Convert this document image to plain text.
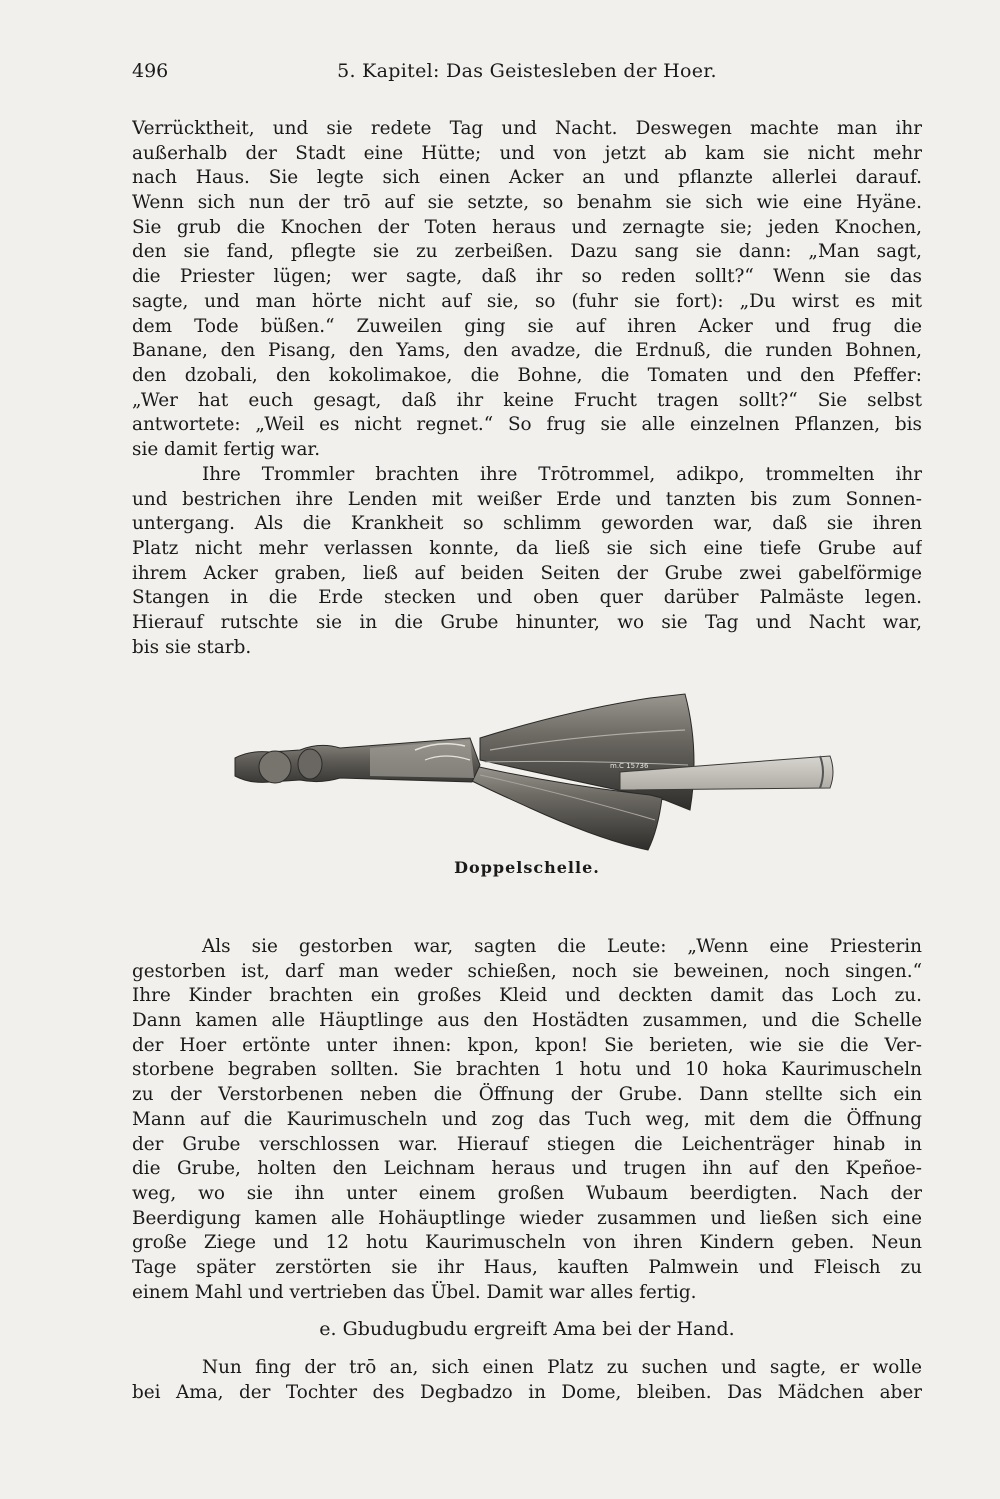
496	5. Kapitel: Das Geistesleben der Hoer.
Verrücktheit, und sie redete Tag und Nacht. Deswegen machte man ihr
außerhalb der Stadt eine Hütte; und von jetzt ab kam sie nicht mehr
nach Haus. Sie legte sich einen Acker an und pflanzte allerlei darauf.
Wenn sich nun der trō auf sie setzte, so benahm sie sich wie eine Hyäne.
Sie grub die Knochen der Toten heraus und zernagte sie; jeden Knochen,
den sie fand, pflegte sie zu zerbeißen. Dazu sang sie dann: „Man sagt,
die Priester lügen; wer sagte, daß ihr so reden sollt?“ Wenn sie das
sagte, und man hörte nicht auf sie, so (fuhr sie fort): „Du wirst es mit
dem Tode büßen.“ Zuweilen ging sie auf ihren Acker und frug die
Banane, den Pisang, den Yams, den avadze, die Erdnuß, die runden Bohnen,
den dzobali, den kokolimakoe, die Bohne, die Tomaten und den Pfeffer:
„Wer hat euch gesagt, daß ihr keine Frucht tragen sollt?“ Sie selbst
antwortete: „Weil es nicht regnet.“ So frug sie alle einzelnen Pflanzen, bis
sie damit fertig war.
Ihre Trommler brachten ihre Trōtrommel, adikpo, trommelten ihr
und bestrichen ihre Lenden mit weißer Erde und tanzten bis zum Sonnen-
untergang. Als die Krankheit so schlimm geworden war, daß sie ihren
Platz nicht mehr verlassen konnte, da ließ sie sich eine tiefe Grube auf
ihrem Acker graben, ließ auf beiden Seiten der Grube zwei gabelförmige
Stangen in die Erde stecken und oben quer darüber Palmäste legen.
Hierauf rutschte sie in die Grube hinunter, wo sie Tag und Nacht war,
bis sie starb.
m.C 15736
Doppelschelle.
Als sie gestorben war, sagten die Leute: „Wenn eine Priesterin
gestorben ist, darf man weder schießen, noch sie beweinen, noch singen.“
Ihre Kinder brachten ein großes Kleid und deckten damit das Loch zu.
Dann kamen alle Häuptlinge aus den Hostädten zusammen, und die Schelle
der Hoer ertönte unter ihnen: kpon, kpon! Sie berieten, wie sie die Ver-
storbene begraben sollten. Sie brachten 1 hotu und 10 hoka Kaurimuscheln
zu der Verstorbenen neben die Öffnung der Grube. Dann stellte sich ein
Mann auf die Kaurimuscheln und zog das Tuch weg, mit dem die Öffnung
der Grube verschlossen war. Hierauf stiegen die Leichenträger hinab in
die Grube, holten den Leichnam heraus und trugen ihn auf den Kpeñoe-
weg, wo sie ihn unter einem großen Wubaum beerdigten. Nach der
Beerdigung kamen alle Hohäuptlinge wieder zusammen und ließen sich eine
große Ziege und 12 hotu Kaurimuscheln von ihren Kindern geben. Neun
Tage später zerstörten sie ihr Haus, kauften Palmwein und Fleisch zu
einem Mahl und vertrieben das Übel. Damit war alles fertig.
e. Gbudugbudu ergreift Ama bei der Hand.
Nun fing der trō an, sich einen Platz zu suchen und sagte, er wolle
bei Ama, der Tochter des Degbadzo in Dome, bleiben. Das Mädchen aber
